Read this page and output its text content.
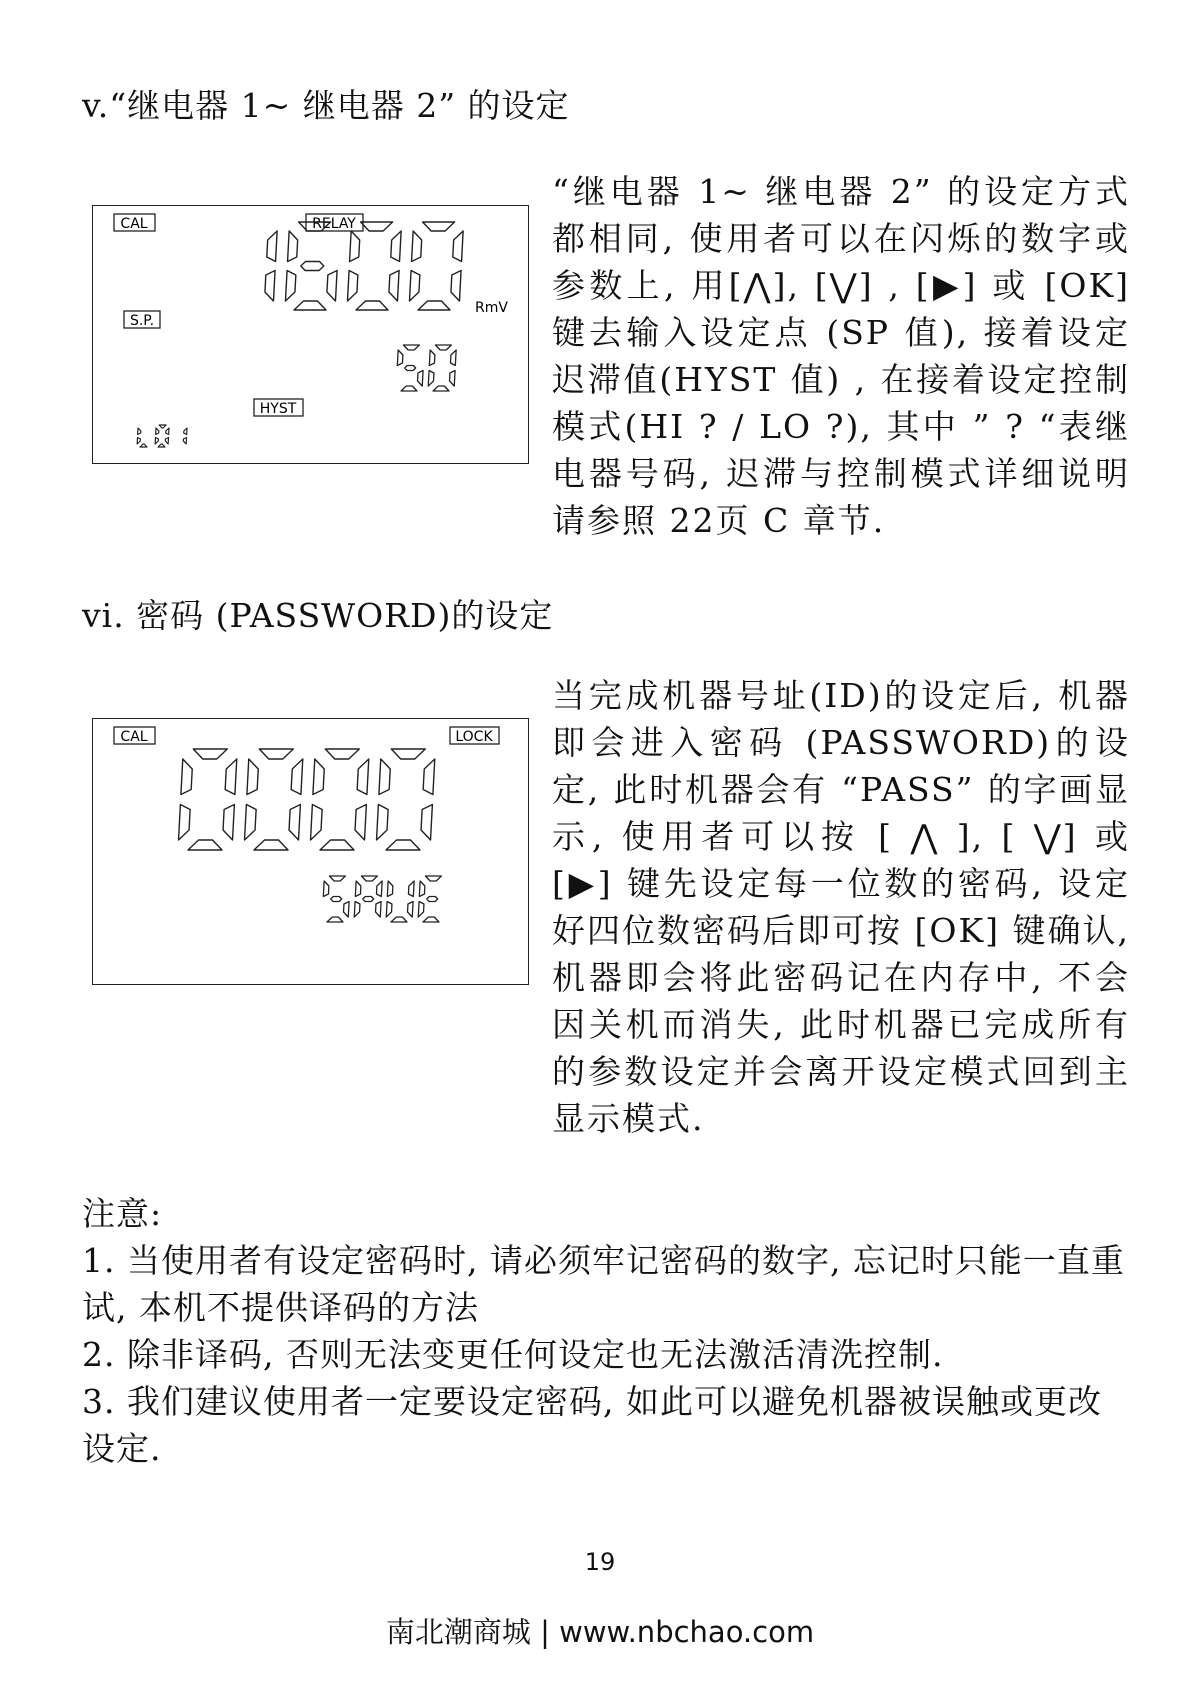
v.“继电器 1~ 继电器 2” 的设定
CAL	RELAY
S.P.
HYST
RmV
“继电器 1~ 继电器 2” 的设定方式都相同, 使用者可以在闪烁的数字或参数上, 用[⋀], [⋁] , [▶] 或 [OK] 键去输入设定点 (SP 值), 接着设定迟滞值(HYST 值) , 在接着设定控制模式(HI ? / LO ?), 其中 ” ? “表继电器号码, 迟滞与控制模式详细说明请参照 22页 C 章节.
vi. 密码 (PASSWORD)的设定
CAL	LOCK
当完成机器号址(ID)的设定后, 机器即会进入密码 (PASSWORD)的设定, 此时机器会有 “PASS” 的字画显示, 使用者可以按 [ ⋀ ], [ ⋁] 或 [▶] 键先设定每一位数的密码, 设定好四位数密码后即可按 [OK] 键确认, 机器即会将此密码记在内存中, 不会因关机而消失, 此时机器已完成所有的参数设定并会离开设定模式回到主显示模式.
注意:
1. 当使用者有设定密码时, 请必须牢记密码的数字, 忘记时只能一直重试, 本机不提供译码的方法
2. 除非译码, 否则无法变更任何设定也无法激活清洗控制.
3. 我们建议使用者一定要设定密码, 如此可以避免机器被误触或更改设定.
19
南北潮商城 | www.nbchao.com
